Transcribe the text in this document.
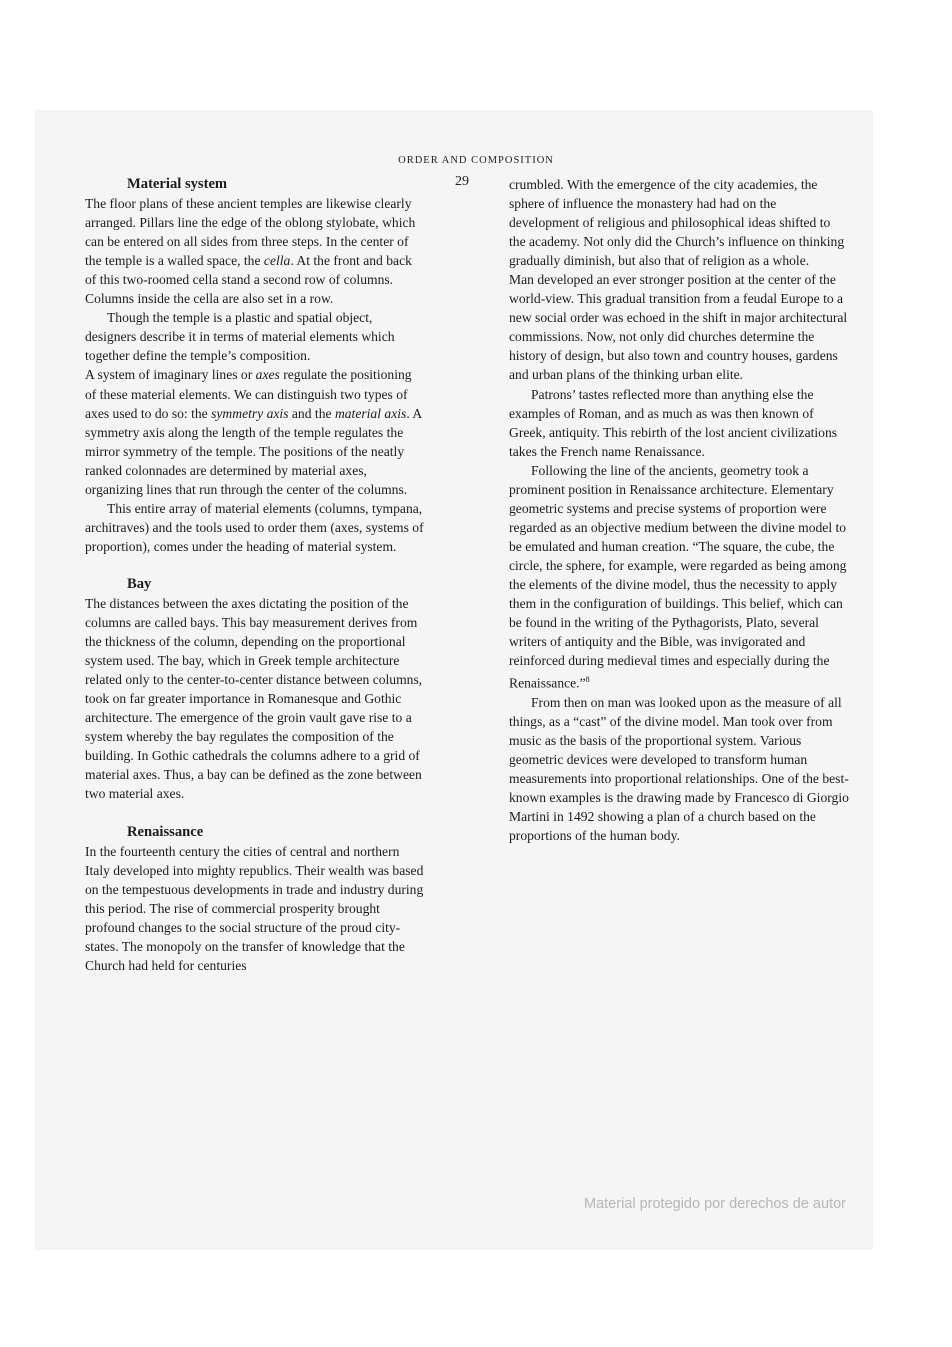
ORDER AND COMPOSITION
29
Material system

The floor plans of these ancient temples are likewise clearly arranged. Pillars line the edge of the oblong stylobate, which can be entered on all sides from three steps. In the center of the temple is a walled space, the cella. At the front and back of this two-roomed cella stand a second row of columns. Columns inside the cella are also set in a row.

Though the temple is a plastic and spatial object, designers describe it in terms of material elements which together define the temple’s composition.

A system of imaginary lines or axes regulate the positioning of these material elements. We can distinguish two types of axes used to do so: the symmetry axis and the material axis. A symmetry axis along the length of the temple regulates the mirror symmetry of the temple. The positions of the neatly ranked colonnades are determined by material axes, organizing lines that run through the center of the columns.

This entire array of material elements (columns, tympana, architraves) and the tools used to order them (axes, systems of proportion), comes under the heading of material system.

Bay

The distances between the axes dictating the position of the columns are called bays. This bay measurement derives from the thickness of the column, depending on the proportional system used. The bay, which in Greek temple architecture related only to the center-to-center distance between columns, took on far greater importance in Romanesque and Gothic architecture. The emergence of the groin vault gave rise to a system whereby the bay regulates the composition of the building. In Gothic cathedrals the columns adhere to a grid of material axes. Thus, a bay can be defined as the zone between two material axes.

Renaissance

In the fourteenth century the cities of central and northern Italy developed into mighty republics. Their wealth was based on the tempestuous developments in trade and industry during this period. The rise of commercial prosperity brought profound changes to the social structure of the proud city-states. The monopoly on the transfer of knowledge that the Church had held for centuries

crumbled. With the emergence of the city academies, the sphere of influence the monastery had had on the development of religious and philosophical ideas shifted to the academy. Not only did the Church’s influence on thinking gradually diminish, but also that of religion as a whole.

Man developed an ever stronger position at the center of the world-view. This gradual transition from a feudal Europe to a new social order was echoed in the shift in major architectural commissions. Now, not only did churches determine the history of design, but also town and country houses, gardens and urban plans of the thinking urban elite.

Patrons’ tastes reflected more than anything else the examples of Roman, and as much as was then known of Greek, antiquity. This rebirth of the lost ancient civilizations takes the French name Renaissance.

Following the line of the ancients, geometry took a prominent position in Renaissance architecture. Elementary geometric systems and precise systems of proportion were regarded as an objective medium between the divine model to be emulated and human creation. “The square, the cube, the circle, the sphere, for example, were regarded as being among the elements of the divine model, thus the necessity to apply them in the configuration of buildings. This belief, which can be found in the writing of the Pythagorists, Plato, several writers of antiquity and the Bible, was invigorated and reinforced during medieval times and especially during the Renaissance.”$^8$

From then on man was looked upon as the measure of all things, as a “cast” of the divine model. Man took over from music as the basis of the proportional system. Various geometric devices were developed to transform human measurements into proportional relationships. One of the best-known examples is the drawing made by Francesco di Giorgio Martini in 1492 showing a plan of a church based on the proportions of the human body.

Material protegido por derechos de autor
